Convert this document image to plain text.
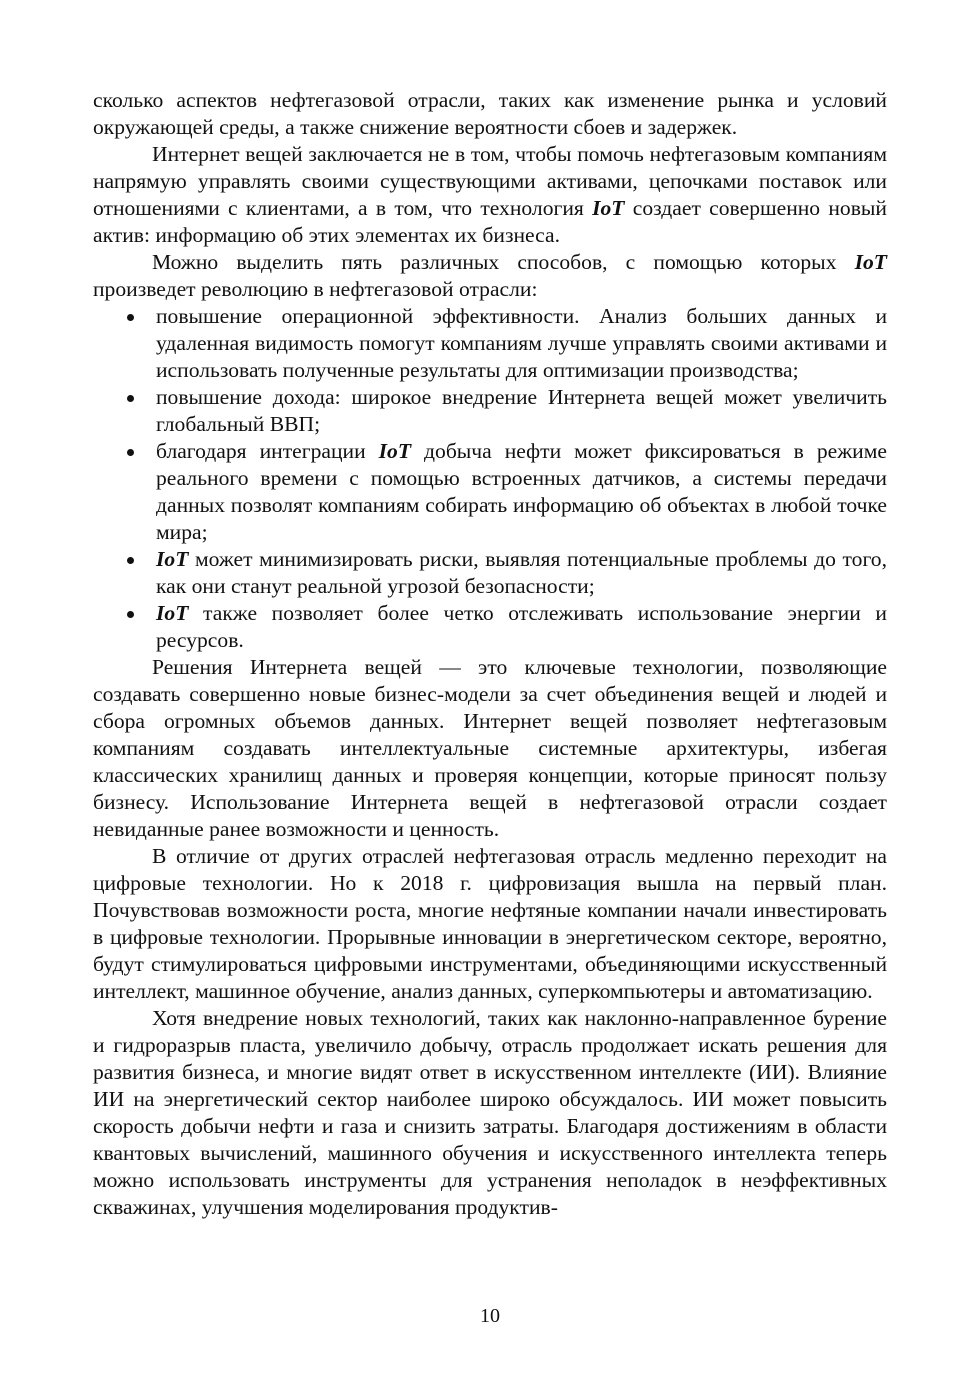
сколько аспектов нефтегазовой отрасли, таких как изменение рынка и условий окружающей среды, а также снижение вероятности сбоев и задержек.

Интернет вещей заключается не в том, чтобы помочь нефтегазовым компаниям напрямую управлять своими существующими активами, цепочками поставок или отношениями с клиентами, а в том, что технология IoT создает совершенно новый актив: информацию об этих элементах их бизнеса.

Можно выделить пять различных способов, с помощью которых IoT произведет революцию в нефтегазовой отрасли:

повышение операционной эффективности. Анализ больших данных и удаленная видимость помогут компаниям лучше управлять своими активами и использовать полученные результаты для оптимизации производства;
повышение дохода: широкое внедрение Интернета вещей может увеличить глобальный ВВП;
благодаря интеграции IoT добыча нефти может фиксироваться в режиме реального времени с помощью встроенных датчиков, а системы передачи данных позволят компаниям собирать информацию об объектах в любой точке мира;
IoT может минимизировать риски, выявляя потенциальные проблемы до того, как они станут реальной угрозой безопасности;
IoT также позволяет более четко отслеживать использование энергии и ресурсов.

Решения Интернета вещей — это ключевые технологии, позволяющие создавать совершенно новые бизнес-модели за счет объединения вещей и людей и сбора огромных объемов данных. Интернет вещей позволяет нефтегазовым компаниям создавать интеллектуальные системные архитектуры, избегая классических хранилищ данных и проверяя концепции, которые приносят пользу бизнесу. Использование Интернета вещей в нефтегазовой отрасли создает невиданные ранее возможности и ценность.

В отличие от других отраслей нефтегазовая отрасль медленно переходит на цифровые технологии. Но к 2018 г. цифровизация вышла на первый план. Почувствовав возможности роста, многие нефтяные компании начали инвестировать в цифровые технологии. Прорывные инновации в энергетическом секторе, вероятно, будут стимулироваться цифровыми инструментами, объединяющими искусственный интеллект, машинное обучение, анализ данных, суперкомпьютеры и автоматизацию.

Хотя внедрение новых технологий, таких как наклонно-направленное бурение и гидроразрыв пласта, увеличило добычу, отрасль продолжает искать решения для развития бизнеса, и многие видят ответ в искусственном интеллекте (ИИ). Влияние ИИ на энергетический сектор наиболее широко обсуждалось. ИИ может повысить скорость добычи нефти и газа и снизить затраты. Благодаря достижениям в области квантовых вычислений, машинного обучения и искусственного интеллекта теперь можно использовать инструменты для устранения неполадок в неэффективных скважинах, улучшения моделирования продуктив-

10
